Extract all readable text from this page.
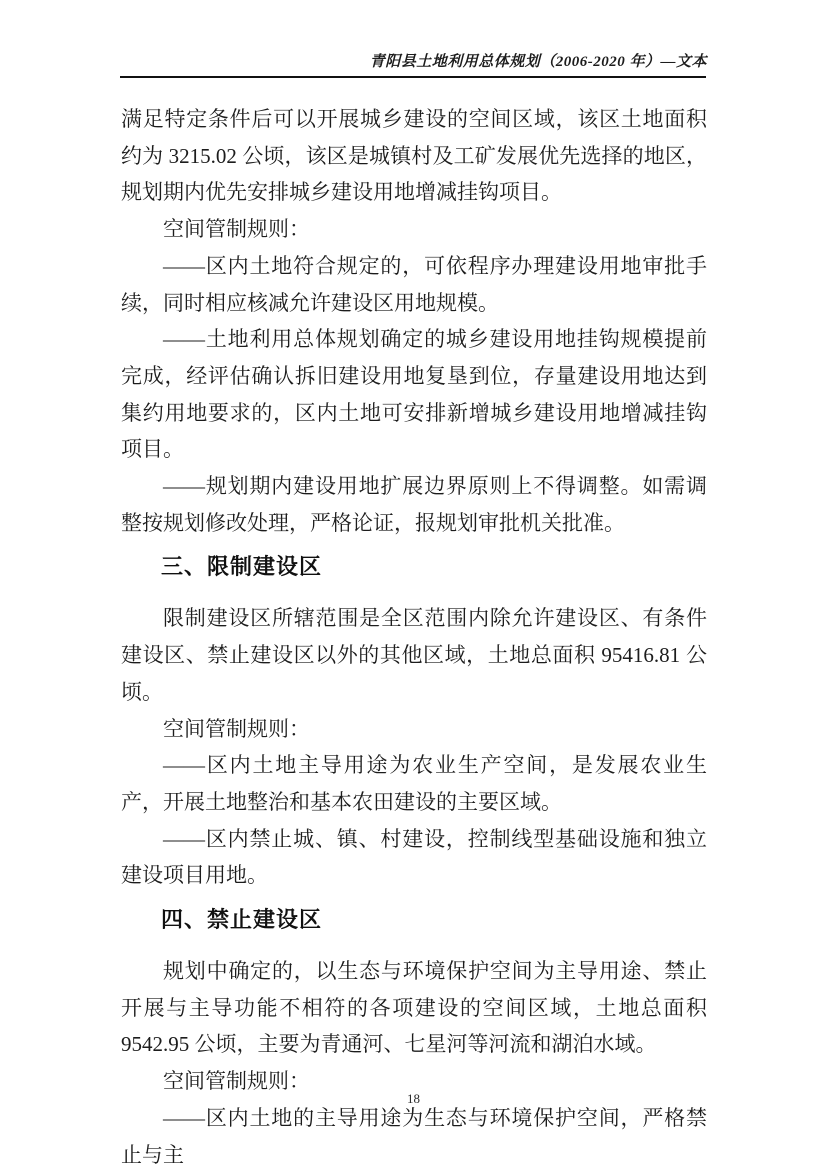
青阳县土地利用总体规划（2006-2020 年）—文本

满足特定条件后可以开展城乡建设的空间区域，该区土地面积约为 3215.02 公顷，该区是城镇村及工矿发展优先选择的地区，规划期内优先安排城乡建设用地增减挂钩项目。

空间管制规则：

——区内土地符合规定的，可依程序办理建设用地审批手续，同时相应核减允许建设区用地规模。

——土地利用总体规划确定的城乡建设用地挂钩规模提前完成，经评估确认拆旧建设用地复垦到位，存量建设用地达到集约用地要求的，区内土地可安排新增城乡建设用地增减挂钩项目。

——规划期内建设用地扩展边界原则上不得调整。如需调整按规划修改处理，严格论证，报规划审批机关批准。

三、限制建设区

限制建设区所辖范围是全区范围内除允许建设区、有条件建设区、禁止建设区以外的其他区域，土地总面积 95416.81 公顷。

空间管制规则：

——区内土地主导用途为农业生产空间，是发展农业生产，开展土地整治和基本农田建设的主要区域。

——区内禁止城、镇、村建设，控制线型基础设施和独立建设项目用地。

四、禁止建设区

规划中确定的，以生态与环境保护空间为主导用途、禁止开展与主导功能不相符的各项建设的空间区域，土地总面积 9542.95 公顷，主要为青通河、七星河等河流和湖泊水域。

空间管制规则：

——区内土地的主导用途为生态与环境保护空间，严格禁止与主

18
